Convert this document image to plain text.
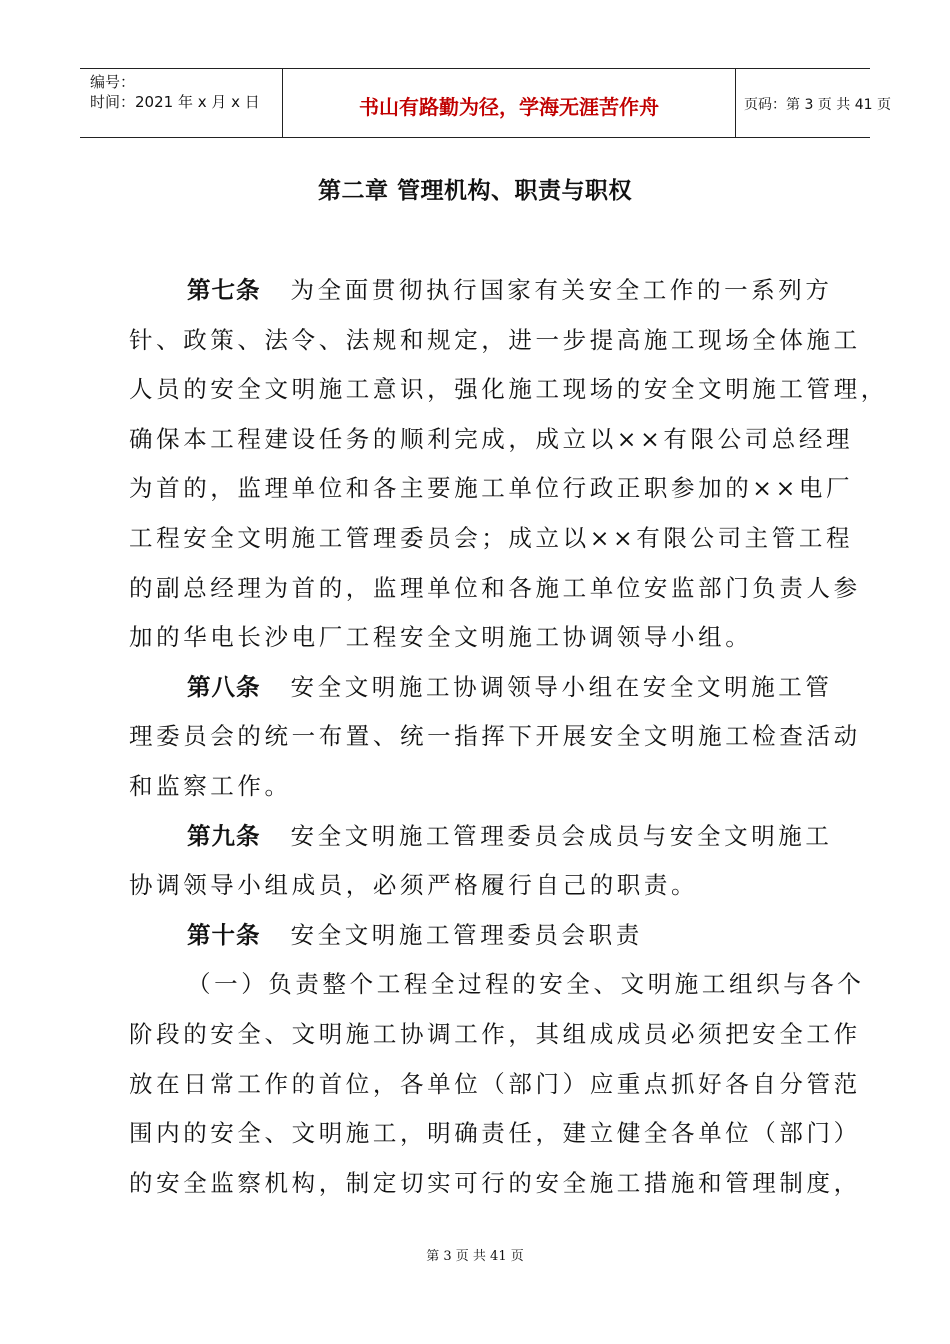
编号：
时间：2021 年 x 月 x 日	书山有路勤为径，学海无涯苦作舟	页码：第 3 页 共 41 页
第二章 管理机构、职责与职权
第七条 为全面贯彻执行国家有关安全工作的一系列方
针、政策、法令、法规和规定，进一步提高施工现场全体施工
人员的安全文明施工意识，强化施工现场的安全文明施工管理，
确保本工程建设任务的顺利完成，成立以××有限公司总经理
为首的，监理单位和各主要施工单位行政正职参加的××电厂
工程安全文明施工管理委员会；成立以××有限公司主管工程
的副总经理为首的，监理单位和各施工单位安监部门负责人参
加的华电长沙电厂工程安全文明施工协调领导小组。
第八条 安全文明施工协调领导小组在安全文明施工管
理委员会的统一布置、统一指挥下开展安全文明施工检查活动
和监察工作。
第九条 安全文明施工管理委员会成员与安全文明施工
协调领导小组成员，必须严格履行自己的职责。
第十条 安全文明施工管理委员会职责
（一）负责整个工程全过程的安全、文明施工组织与各个
阶段的安全、文明施工协调工作，其组成成员必须把安全工作
放在日常工作的首位，各单位（部门）应重点抓好各自分管范
围内的安全、文明施工，明确责任，建立健全各单位（部门）
的安全监察机构，制定切实可行的安全施工措施和管理制度，
第 3 页 共 41 页
